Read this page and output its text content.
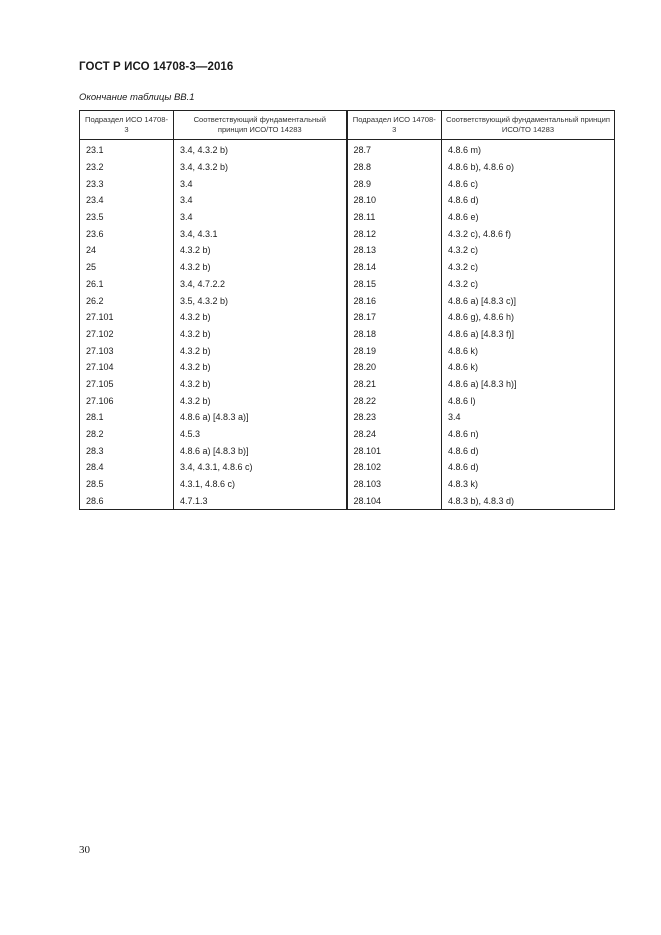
ГОСТ Р ИСО 14708-3—2016
Окончание таблицы ВВ.1
Подраздел ИСО 14708-3	Соответствующий фундаментальный принцип ИСО/ТО 14283	Подраздел ИСО 14708-3	Соответствующий фундаментальный принцип ИСО/ТО 14283
23.1	3.4, 4.3.2 b)	28.7	4.8.6 m)
23.2	3.4, 4.3.2 b)	28.8	4.8.6 b), 4.8.6 o)
23.3	3.4	28.9	4.8.6 c)
23.4	3.4	28.10	4.8.6 d)
23.5	3.4	28.11	4.8.6 e)
23.6	3.4, 4.3.1	28.12	4.3.2 c), 4.8.6 f)
24	4.3.2 b)	28.13	4.3.2 c)
25	4.3.2 b)	28.14	4.3.2 c)
26.1	3.4, 4.7.2.2	28.15	4.3.2 c)
26.2	3.5, 4.3.2 b)	28.16	4.8.6 a) [4.8.3 c)]
27.101	4.3.2 b)	28.17	4.8.6 g), 4.8.6 h)
27.102	4.3.2 b)	28.18	4.8.6 a) [4.8.3 f)]
27.103	4.3.2 b)	28.19	4.8.6 k)
27.104	4.3.2 b)	28.20	4.8.6 k)
27.105	4.3.2 b)	28.21	4.8.6 a) [4.8.3 h)]
27.106	4.3.2 b)	28.22	4.8.6 l)
28.1	4.8.6 a) [4.8.3 a)]	28.23	3.4
28.2	4.5.3	28.24	4.8.6 n)
28.3	4.8.6 a) [4.8.3 b)]	28.101	4.8.6 d)
28.4	3.4, 4.3.1, 4.8.6 c)	28.102	4.8.6 d)
28.5	4.3.1, 4.8.6 c)	28.103	4.8.3 k)
28.6	4.7.1.3	28.104	4.8.3 b), 4.8.3 d)
30
